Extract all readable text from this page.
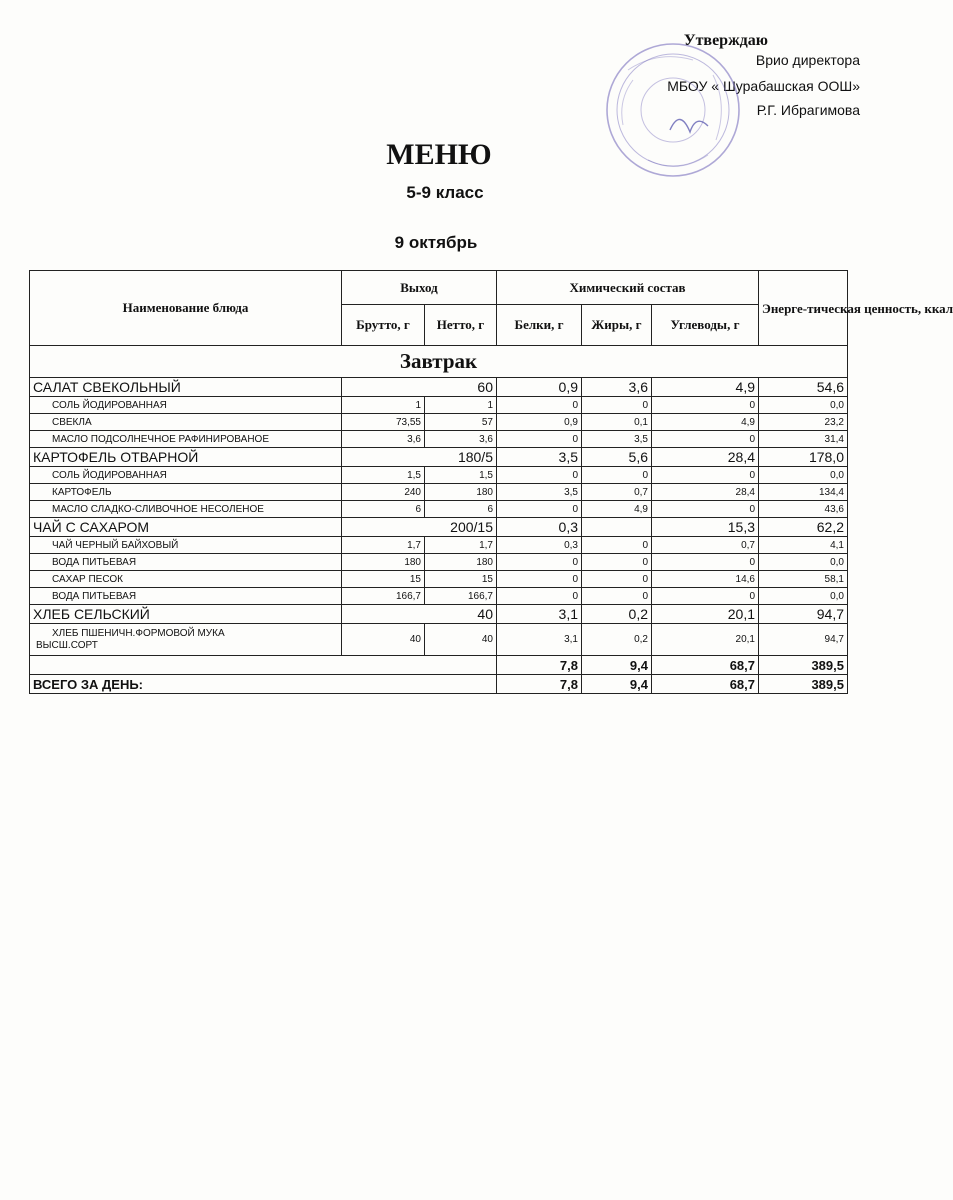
Утверждаю
Врио директора
МБОУ « Шурабашская ООШ»
Р.Г. Ибрагимова
МЕНЮ
5-9 класс
9 октябрь
Наименование блюда	Выход		Химический состав			Энерге-тическая ценность, ккал
	Брутто, г	Нетто, г	Белки, г	Жиры, г	Углеводы, г	
Завтрак						
САЛАТ СВЕКОЛЬНЫЙ	60		0,9	3,6	4,9	54,6
СОЛЬ ЙОДИРОВАННАЯ	1	1	0	0	0	0,0
СВЕКЛА	73,55	57	0,9	0,1	4,9	23,2
МАСЛО ПОДСОЛНЕЧНОЕ РАФИНИРОВАНОЕ	3,6	3,6	0	3,5	0	31,4
КАРТОФЕЛЬ ОТВАРНОЙ	180/5		3,5	5,6	28,4	178,0
СОЛЬ ЙОДИРОВАННАЯ	1,5	1,5	0	0	0	0,0
КАРТОФЕЛЬ	240	180	3,5	0,7	28,4	134,4
МАСЛО СЛАДКО-СЛИВОЧНОЕ НЕСОЛЕНОЕ	6	6	0	4,9	0	43,6
ЧАЙ С САХАРОМ	200/15		0,3		15,3	62,2
ЧАЙ ЧЕРНЫЙ БАЙХОВЫЙ	1,7	1,7	0,3	0	0,7	4,1
ВОДА ПИТЬЕВАЯ	180	180	0	0	0	0,0
САХАР ПЕСОК	15	15	0	0	14,6	58,1
ВОДА ПИТЬЕВАЯ	166,7	166,7	0	0	0	0,0
ХЛЕБ СЕЛЬСКИЙ	40		3,1	0,2	20,1	94,7
ХЛЕБ ПШЕНИЧН.ФОРМОВОЙ МУКА
ВЫСШ.СОРТ	40	40	3,1	0,2	20,1	94,7
			7,8	9,4	68,7	389,5
ВСЕГО ЗА ДЕНЬ:			7,8	9,4	68,7	389,5
